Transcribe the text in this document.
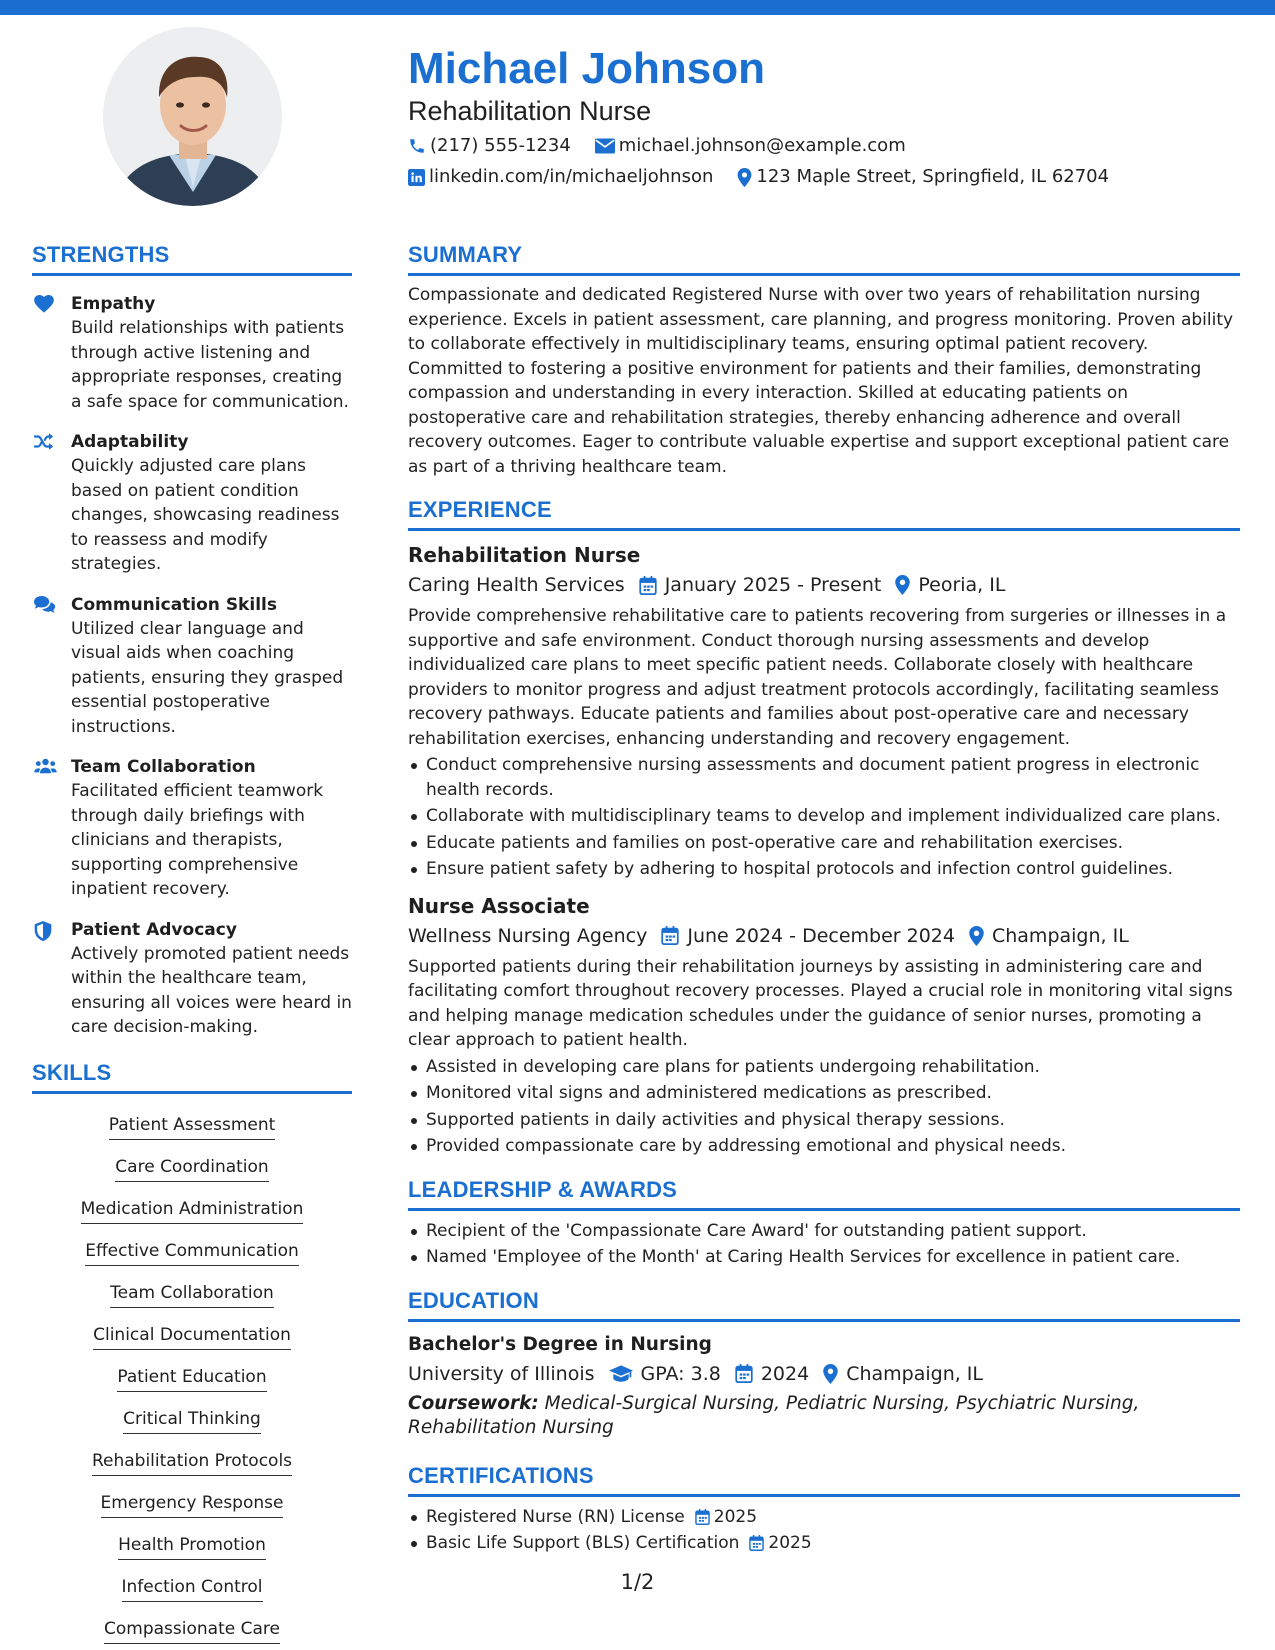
Michael Johnson
Rehabilitation Nurse
(217) 555-1234	michael.johnson@example.com
linkedin.com/in/michaeljohnson 123 Maple Street, Springfield, IL 62704
STRENGTHS
Empathy
Build relationships with patients through active listening and appropriate responses, creating a safe space for communication.
Adaptability
Quickly adjusted care plans based on patient condition changes, showcasing readiness to reassess and modify strategies.
Communication Skills
Utilized clear language and visual aids when coaching patients, ensuring they grasped essential postoperative instructions.
Team Collaboration
Facilitated efficient teamwork through daily briefings with clinicians and therapists, supporting comprehensive inpatient recovery.
Patient Advocacy
Actively promoted patient needs within the healthcare team, ensuring all voices were heard in care decision-making.
SKILLS
Patient Assessment
Care Coordination
Medication Administration
Effective Communication
Team Collaboration
Clinical Documentation
Patient Education
Critical Thinking
Rehabilitation Protocols
Emergency Response
Health Promotion
Infection Control
Compassionate Care
SUMMARY
Compassionate and dedicated Registered Nurse with over two years of rehabilitation nursing experience. Excels in patient assessment, care planning, and progress monitoring. Proven ability to collaborate effectively in multidisciplinary teams, ensuring optimal patient recovery. Committed to fostering a positive environment for patients and their families, demonstrating compassion and understanding in every interaction. Skilled at educating patients on postoperative care and rehabilitation strategies, thereby enhancing adherence and overall recovery outcomes. Eager to contribute valuable expertise and support exceptional patient care as part of a thriving healthcare team.
EXPERIENCE
Rehabilitation Nurse
Caring Health Services January 2025 - Present Peoria, IL
Provide comprehensive rehabilitative care to patients recovering from surgeries or illnesses in a supportive and safe environment. Conduct thorough nursing assessments and develop individualized care plans to meet specific patient needs. Collaborate closely with healthcare providers to monitor progress and adjust treatment protocols accordingly, facilitating seamless recovery pathways. Educate patients and families about post-operative care and necessary rehabilitation exercises, enhancing understanding and recovery engagement.
Conduct comprehensive nursing assessments and document patient progress in electronic health records.
Collaborate with multidisciplinary teams to develop and implement individualized care plans.
Educate patients and families on post-operative care and rehabilitation exercises.
Ensure patient safety by adhering to hospital protocols and infection control guidelines.
Nurse Associate
Wellness Nursing Agency June 2024 - December 2024 Champaign, IL
Supported patients during their rehabilitation journeys by assisting in administering care and facilitating comfort throughout recovery processes. Played a crucial role in monitoring vital signs and helping manage medication schedules under the guidance of senior nurses, promoting a clear approach to patient health.
Assisted in developing care plans for patients undergoing rehabilitation.
Monitored vital signs and administered medications as prescribed.
Supported patients in daily activities and physical therapy sessions.
Provided compassionate care by addressing emotional and physical needs.
LEADERSHIP & AWARDS
Recipient of the 'Compassionate Care Award' for outstanding patient support.
Named 'Employee of the Month' at Caring Health Services for excellence in patient care.
EDUCATION
Bachelor's Degree in Nursing
University of Illinois GPA: 3.8 2024 Champaign, IL
Coursework: Medical-Surgical Nursing, Pediatric Nursing, Psychiatric Nursing, Rehabilitation Nursing
CERTIFICATIONS
Registered Nurse (RN) License 2025
Basic Life Support (BLS) Certification 2025
1/2
